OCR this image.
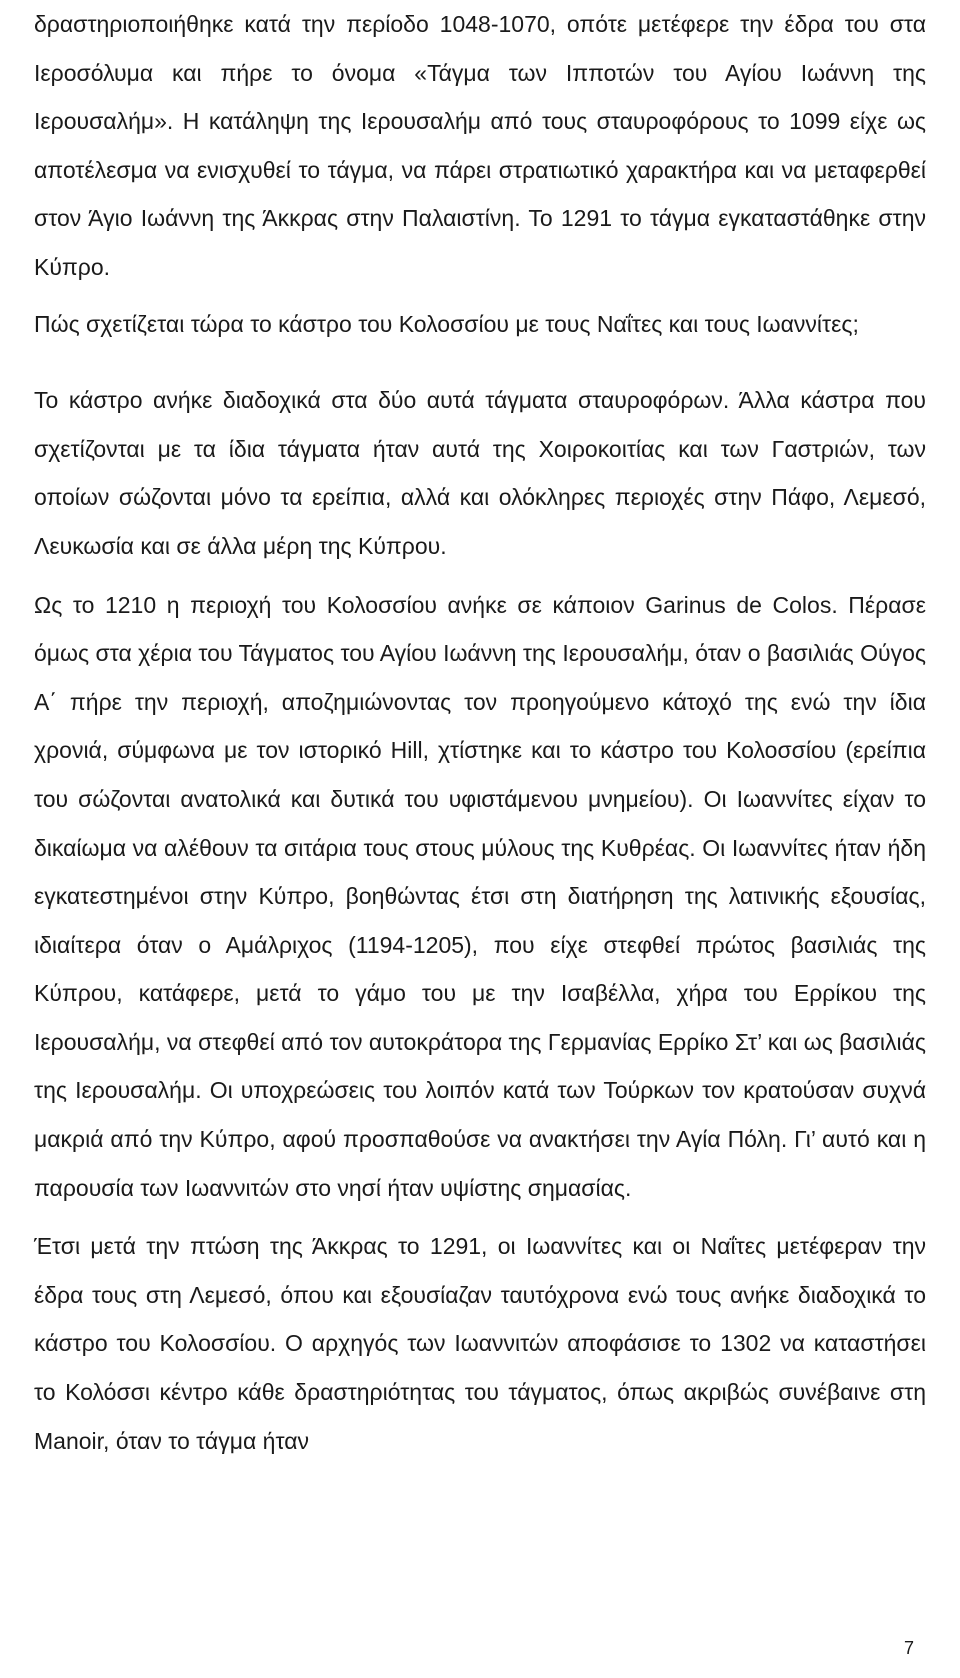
δραστηριοποιήθηκε κατά την περίοδο 1048-1070, οπότε μετέφερε την έδρα του στα Ιεροσόλυμα και πήρε το όνομα «Τάγμα των Ιπποτών του Αγίου Ιωάννη της Ιερουσαλήμ». Η κατάληψη της Ιερουσαλήμ από τους σταυροφόρους το 1099 είχε ως αποτέλεσμα να ενισχυθεί το τάγμα, να πάρει στρατιωτικό χαρακτήρα και να μεταφερθεί στον Άγιο Ιωάννη της Άκκρας στην Παλαιστίνη. Το 1291 το τάγμα εγκαταστάθηκε στην Κύπρο.

Πώς σχετίζεται τώρα το κάστρο του Κολοσσίου με τους Ναΐτες και τους Ιωαννίτες;

Το κάστρο ανήκε διαδοχικά στα δύο αυτά τάγματα σταυροφόρων. Άλλα κάστρα που σχετίζονται με τα ίδια τάγματα ήταν αυτά της Χοιροκοιτίας και των Γαστριών, των οποίων σώζονται μόνο τα ερείπια, αλλά και ολόκληρες περιοχές στην Πάφο, Λεμεσό, Λευκωσία και σε άλλα μέρη της Κύπρου.

Ως το 1210 η περιοχή του Κολοσσίου ανήκε σε κάποιον Garinus de Colos. Πέρασε όμως στα χέρια του Τάγματος του Αγίου Ιωάννη της Ιερουσαλήμ, όταν ο βασιλιάς Ούγος Α΄ πήρε την περιοχή, αποζημιώνοντας τον προηγούμενο κάτοχό της ενώ την ίδια χρονιά, σύμφωνα με τον ιστορικό Hill, χτίστηκε και το κάστρο του Κολοσσίου (ερείπια του σώζονται ανατολικά και δυτικά του υφιστάμενου μνημείου). Οι Ιωαννίτες είχαν το δικαίωμα να αλέθουν τα σιτάρια τους στους μύλους της Κυθρέας. Οι Ιωαννίτες ήταν ήδη εγκατεστημένοι στην Κύπρο, βοηθώντας έτσι στη διατήρηση της λατινικής εξουσίας, ιδιαίτερα όταν ο Αμάλριχος (1194-1205), που είχε στεφθεί πρώτος βασιλιάς της Κύπρου, κατάφερε, μετά το γάμο του με την Ισαβέλλα, χήρα του Ερρίκου της Ιερουσαλήμ, να στεφθεί από τον αυτοκράτορα της Γερμανίας Ερρίκο Στ’ και ως βασιλιάς της Ιερουσαλήμ. Οι υποχρεώσεις του λοιπόν κατά των Τούρκων τον κρατούσαν συχνά μακριά από την Κύπρο, αφού προσπαθούσε να ανακτήσει την Αγία Πόλη. Γι’ αυτό και η παρουσία των Ιωαννιτών στο νησί ήταν υψίστης σημασίας.

Έτσι μετά την πτώση της Άκκρας το 1291, οι Ιωαννίτες και οι Ναΐτες μετέφεραν την έδρα τους στη Λεμεσό, όπου και εξουσίαζαν ταυτόχρονα ενώ τους ανήκε διαδοχικά το κάστρο του Κολοσσίου. Ο αρχηγός των Ιωαννιτών αποφάσισε το 1302 να καταστήσει το Κολόσσι κέντρο κάθε δραστηριότητας του τάγματος, όπως ακριβώς συνέβαινε στη Manoir, όταν το τάγμα ήταν

7
